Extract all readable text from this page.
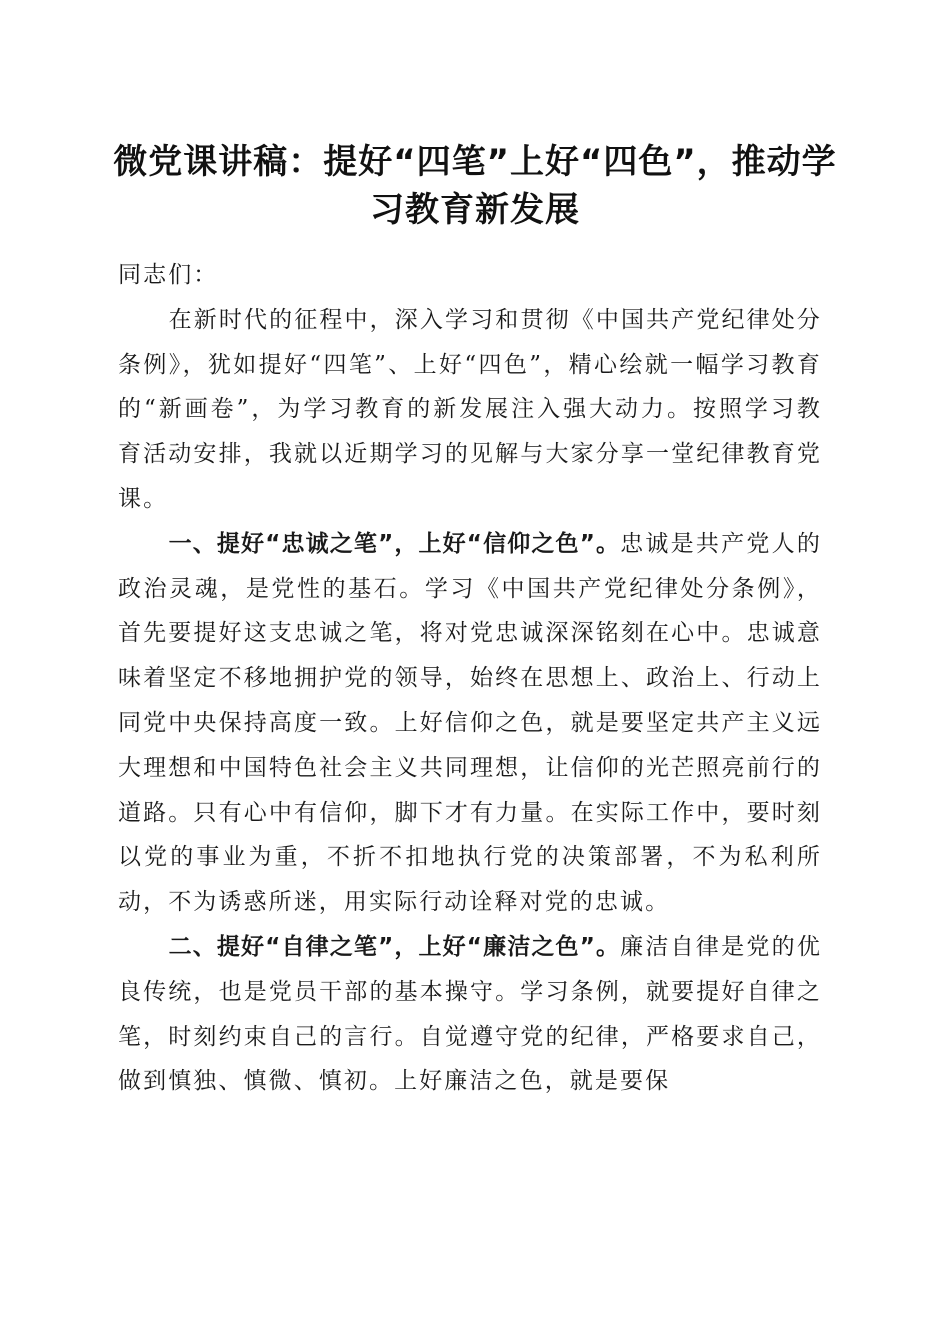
微党课讲稿：提好“四笔”上好“四色”，推动学习教育新发展

同志们：

在新时代的征程中，深入学习和贯彻《中国共产党纪律处分条例》，犹如提好“四笔”、上好“四色”，精心绘就一幅学习教育的“新画卷”，为学习教育的新发展注入强大动力。按照学习教育活动安排，我就以近期学习的见解与大家分享一堂纪律教育党课。

一、提好“忠诚之笔”，上好“信仰之色”。忠诚是共产党人的政治灵魂，是党性的基石。学习《中国共产党纪律处分条例》，首先要提好这支忠诚之笔，将对党忠诚深深铭刻在心中。忠诚意味着坚定不移地拥护党的领导，始终在思想上、政治上、行动上同党中央保持高度一致。上好信仰之色，就是要坚定共产主义远大理想和中国特色社会主义共同理想，让信仰的光芒照亮前行的道路。只有心中有信仰，脚下才有力量。在实际工作中，要时刻以党的事业为重，不折不扣地执行党的决策部署，不为私利所动，不为诱惑所迷，用实际行动诠释对党的忠诚。

二、提好“自律之笔”，上好“廉洁之色”。廉洁自律是党的优良传统，也是党员干部的基本操守。学习条例，就要提好自律之笔，时刻约束自己的言行。自觉遵守党的纪律，严格要求自己，做到慎独、慎微、慎初。上好廉洁之色，就是要保
